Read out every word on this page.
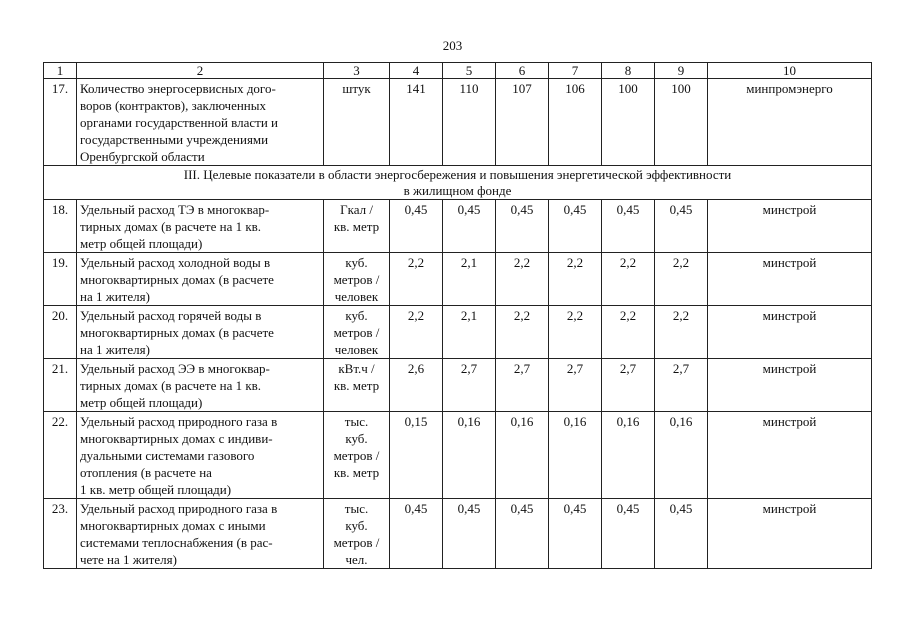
203
1	2	3	4	5	6	7	8	9	10
17.	Количество энергосервисных дого-
воров (контрактов), заключенных
органами государственной власти и
государственными учреждениями
Оренбургской области	штук	141	110	107	106	100	100	минпромэнерго
III. Целевые показатели в области энергосбережения и повышения энергетической эффективности
в жилищном фонде									
18.	Удельный расход ТЭ в многоквар-
тирных домах (в расчете на 1 кв.
метр общей площади)	Гкал /
кв. метр	0,45	0,45	0,45	0,45	0,45	0,45	минстрой
19.	Удельный расход холодной воды в
многоквартирных домах (в расчете
на 1 жителя)	куб.
метров /
человек	2,2	2,1	2,2	2,2	2,2	2,2	минстрой
20.	Удельный расход горячей воды в
многоквартирных домах (в расчете
на 1 жителя)	куб.
метров /
человек	2,2	2,1	2,2	2,2	2,2	2,2	минстрой
21.	Удельный расход ЭЭ в многоквар-
тирных домах (в расчете на 1 кв.
метр общей площади)	кВт.ч /
кв. метр	2,6	2,7	2,7	2,7	2,7	2,7	минстрой
22.	Удельный расход природного газа в
многоквартирных домах с индиви-
дуальными системами газового
отопления (в расчете на
1 кв. метр общей площади)	тыс.
куб.
метров /
кв. метр	0,15	0,16	0,16	0,16	0,16	0,16	минстрой
23.	Удельный расход природного газа в
многоквартирных домах с иными
системами теплоснабжения (в рас-
чете на 1 жителя)	тыс.
куб.
метров /
чел.	0,45	0,45	0,45	0,45	0,45	0,45	минстрой
